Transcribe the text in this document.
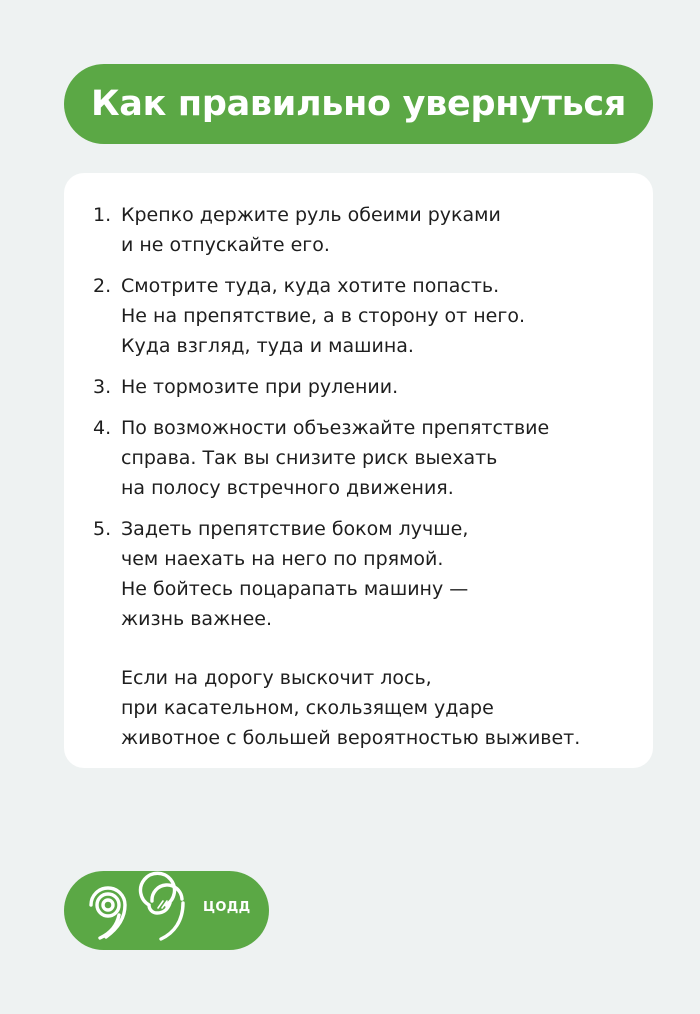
Как правильно увернуться
1. Крепко держите руль обеими руками
и не отпускайте его.
2. Смотрите туда, куда хотите попасть.
Не на препятствие, а в сторону от него.
Куда взгляд, туда и машина.
3. Не тормозите при рулении.
4. По возможности объезжайте препятствие
справа. Так вы снизите риск выехать
на полосу встречного движения.
5. Задеть препятствие боком лучше,
чем наехать на него по прямой.
Не бойтесь поцарапать машину —
жизнь важнее.
Если на дорогу выскочит лось,
при касательном, скользящем ударе
животное с большей вероятностью выживет.
ЦОДД
